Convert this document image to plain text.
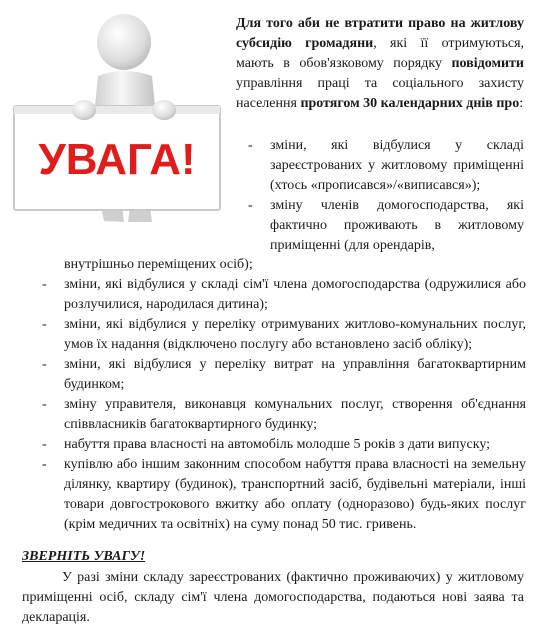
УВАГА!
Для того аби не втратити право на житлову субсидію громадяни, які її отримуються, мають в обов'язковому порядку повідомити управління праці та соціального захисту населення протягом 30 календарних днів про:
- зміни, які відбулися у складі зареєстрованих у житловому приміщенні (хтось «прописався»/«виписався»);
- зміну членів домогосподарства, які фактично проживають в житловому приміщенні (для орендарів,
внутрішньо переміщених осіб);
- зміни, які відбулися у складі сім'ї члена домогосподарства (одружилися або розлучилися, народилася дитина);
- зміни, які відбулися у переліку отримуваних житлово-комунальних послуг, умов їх надання (відключено послугу або встановлено засіб обліку);
- зміни, які відбулися у переліку витрат на управління багатоквартирним будинком;
- зміну управителя, виконавця комунальних послуг, створення об'єднання співвласників багатоквартирного будинку;
- набуття права власності на автомобіль молодше 5 років з дати випуску;
- купівлю або іншим законним способом набуття права власності на земельну ділянку, квартиру (будинок), транспортний засіб, будівельні матеріали, інші товари довгострокового вжитку або оплату (одноразово) будь-яких послуг (крім медичних та освітніх) на суму понад 50 тис. гривень.
ЗВЕРНІТЬ УВАГУ!
У разі зміни складу зареєстрованих (фактично проживаючих) у житловому приміщенні осіб, складу сім'ї члена домогосподарства, подаються нові заява та декларація.
